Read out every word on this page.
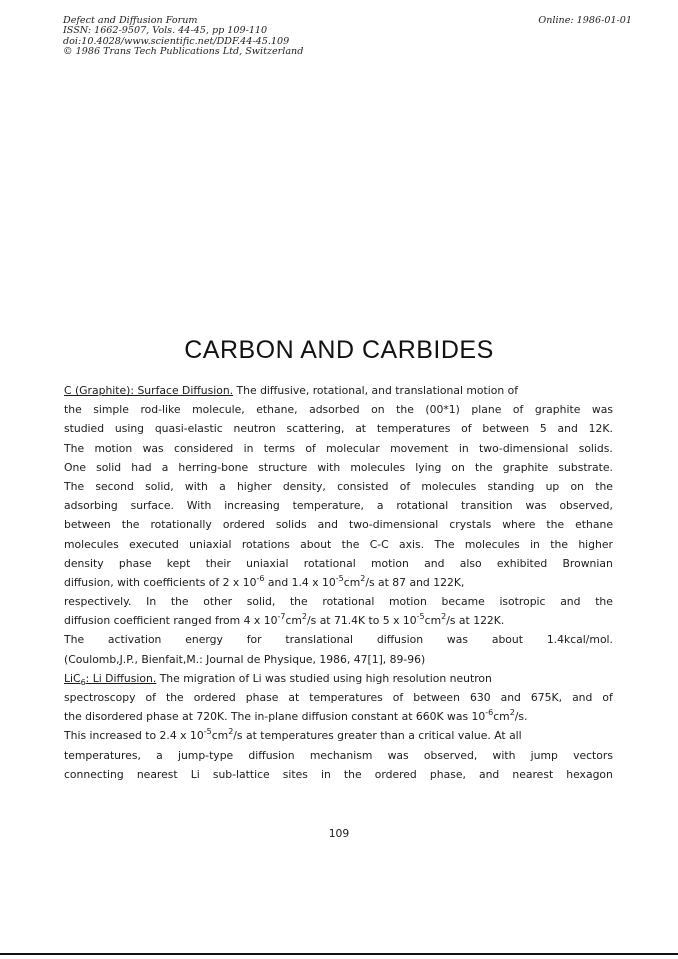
Defect and Diffusion Forum
ISSN: 1662-9507, Vols. 44-45, pp 109-110
doi:10.4028/www.scientific.net/DDF.44-45.109
© 1986 Trans Tech Publications Ltd, Switzerland
Online: 1986-01-01
CARBON AND CARBIDES
C (Graphite): Surface Diffusion. The diffusive, rotational, and translational motion of
the simple rod-like molecule, ethane, adsorbed on the (00*1) plane of graphite was
studied using quasi-elastic neutron scattering, at temperatures of between 5 and 12K.
The motion was considered in terms of molecular movement in two-dimensional solids.
One solid had a herring-bone structure with molecules lying on the graphite substrate.
The second solid, with a higher density, consisted of molecules standing up on the
adsorbing surface. With increasing temperature, a rotational transition was observed,
between the rotationally ordered solids and two-dimensional crystals where the ethane
molecules executed uniaxial rotations about the C-C axis. The molecules in the higher
density phase kept their uniaxial rotational motion and also exhibited Brownian
diffusion, with coefficients of 2 x $10^{-6}$ and 1.4 x $10^{-5}cm^2/s$ at 87 and 122K,
respectively. In the other solid, the rotational motion became isotropic and the
diffusion coefficient ranged from 4 x $10^{-7}cm^2/s$ at 71.4K to 5 x $10^{-5}cm^2/s$ at 122K.
The activation energy for translational diffusion was about 1.4kcal/mol.
(Coulomb,J.P., Bienfait,M.: Journal de Physique, 1986, 47[1], 89-96)
LiC$_6$: Li Diffusion. The migration of Li was studied using high resolution neutron
spectroscopy of the ordered phase at temperatures of between 630 and 675K, and of
the disordered phase at 720K. The in-plane diffusion constant at 660K was $10^{-6}cm^2/s$.
This increased to 2.4 x $10^{-5}cm^2/s$ at temperatures greater than a critical value. At all
temperatures, a jump-type diffusion mechanism was observed, with jump vectors
connecting nearest Li sub-lattice sites in the ordered phase, and nearest hexagon
109
